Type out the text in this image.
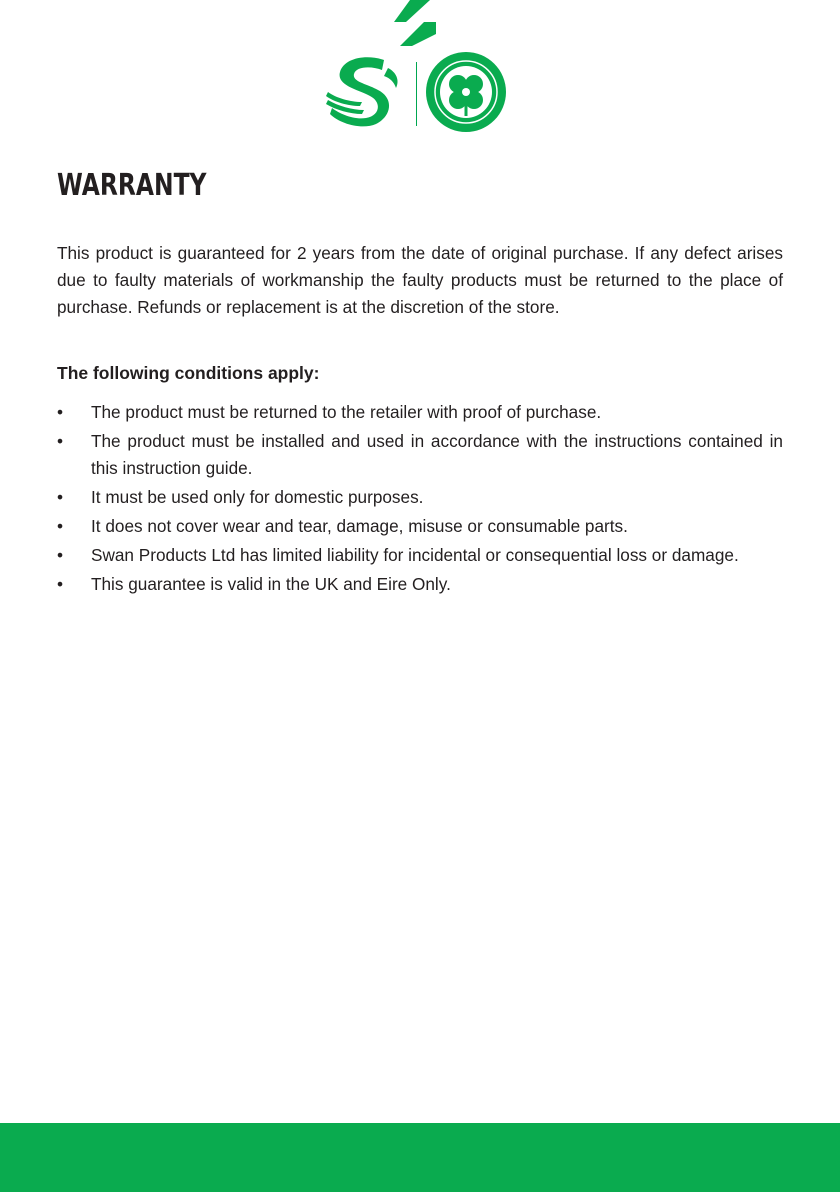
WARRANTY

This product is guaranteed for 2 years from the date of original purchase. If any defect arises due to faulty materials of workmanship the faulty products must be returned to the place of purchase. Refunds or replacement is at the discretion of the store.

The following conditions apply:

• The product must be returned to the retailer with proof of purchase.
• The product must be installed and used in accordance with the instructions contained in this instruction guide.
• It must be used only for domestic purposes.
• It does not cover wear and tear, damage, misuse or consumable parts.
• Swan Products Ltd has limited liability for incidental or consequential loss or damage.
• This guarantee is valid in the UK and Eire Only.
